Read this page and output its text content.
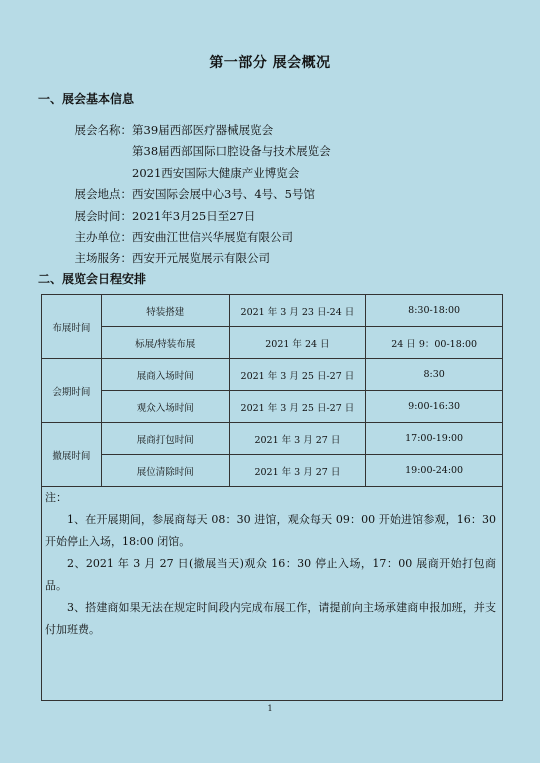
第一部分 展会概况
一、展会基本信息
展会名称： 第39届西部医疗器械展览会
第38届西部国际口腔设备与技术展览会
2021西安国际大健康产业博览会
展会地点： 西安国际会展中心3号、4号、5号馆
展会时间： 2021年3月25日至27日
主办单位： 西安曲江世信兴华展览有限公司
主场服务： 西安开元展览展示有限公司
二、展览会日程安排
布展时间	特装搭建	2021 年 3 月 23 日-24 日	8:30-18:00
	标展/特装布展	2021 年 24 日	24 日 9：00-18:00
会期时间	展商入场时间	2021 年 3 月 25 日-27 日	8:30
	观众入场时间	2021 年 3 月 25 日-27 日	9:00-16:30
撤展时间	展商打包时间	2021 年 3 月 27 日	17:00-19:00
	展位清除时间	2021 年 3 月 27 日	19:00-24:00

注：

1、在开展期间，参展商每天 08：30 进馆，观众每天 09：00 开始进馆参观，16：30 开始停止入场，18:00 闭馆。

2、2021 年 3 月 27 日(撤展当天)观众 16：30 停止入场，17：00 展商开始打包商品。

3、搭建商如果无法在规定时间段内完成布展工作，请提前向主场承建商申报加班，并支付加班费。

1
